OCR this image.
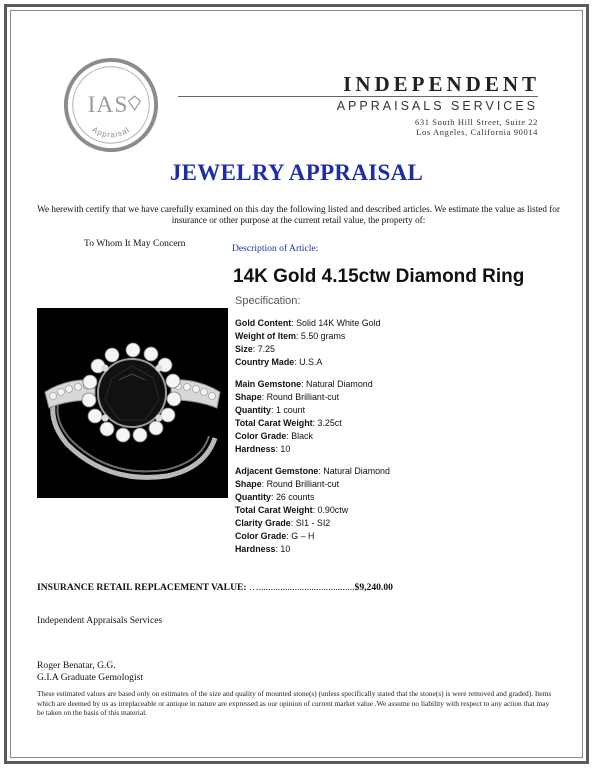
IAS
Appraisal
INDEPENDENT
APPRAISALS SERVICES
631 South Hill Street, Suite 22
Los Angeles, California 90014
JEWELRY APPRAISAL
We herewith certify that we have carefully examined on this day the following listed and described articles. We estimate the value as listed for insurance or other purpose at the current retail value, the property of:
To Whom It May Concern	Description of Article:
14K Gold 4.15ctw Diamond Ring
Specification:
Gold Content: Solid 14K White Gold
Weight of Item: 5.50 grams
Size: 7.25
Country Made: U.S.A
Main Gemstone: Natural Diamond
Shape: Round Brilliant-cut
Quantity: 1 count
Total Carat Weight: 3.25ct
Color Grade: Black
Hardness: 10
Adjacent Gemstone: Natural Diamond
Shape: Round Brilliant-cut
Quantity: 26 counts
Total Carat Weight: 0.90ctw
Clarity Grade: SI1 - SI2
Color Grade: G – H
Hardness: 10
INSURANCE RETAIL REPLACEMENT VALUE: …........................................$9,240.00
Independent Appraisals Services
Roger Benatar, G.G.
G.I.A Graduate Gemologist
These estimated values are based only on estimates of the size and quality of mounted stone(s) (unless specifically stated that the stone(s) is were removed and graded). Items which are deemed by us as irreplaceable or antique in nature are expressed as our opinion of current market value .We assume no liability with respect to any action that may be taken on the basis of this material.
